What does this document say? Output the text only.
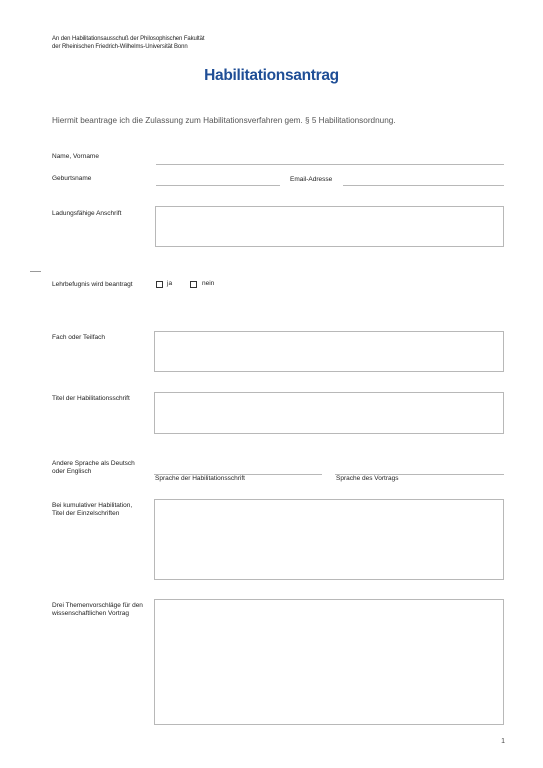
An den Habilitationsausschuß der Philosophischen Fakultät
der Rheinischen Friedrich-Wilhelms-Universität Bonn
Habilitationsantrag
Hiermit beantrage ich die Zulassung zum Habilitationsverfahren gem. § 5 Habilitationsordnung.
Name, Vorname
Geburtsname	Email-Adresse
Ladungsfähige Anschrift
Lehrbefugnis wird beantragt	ja	nein
Fach oder Teilfach
Titel der Habilitationsschrift
Andere Sprache als Deutsch
oder Englisch
Sprache der Habilitationsschrift	Sprache des Vortrags
Bei kumulativer Habilitation,
Titel der Einzelschriften
Drei Themenvorschläge für den
wissenschaftlichen Vortrag
1
